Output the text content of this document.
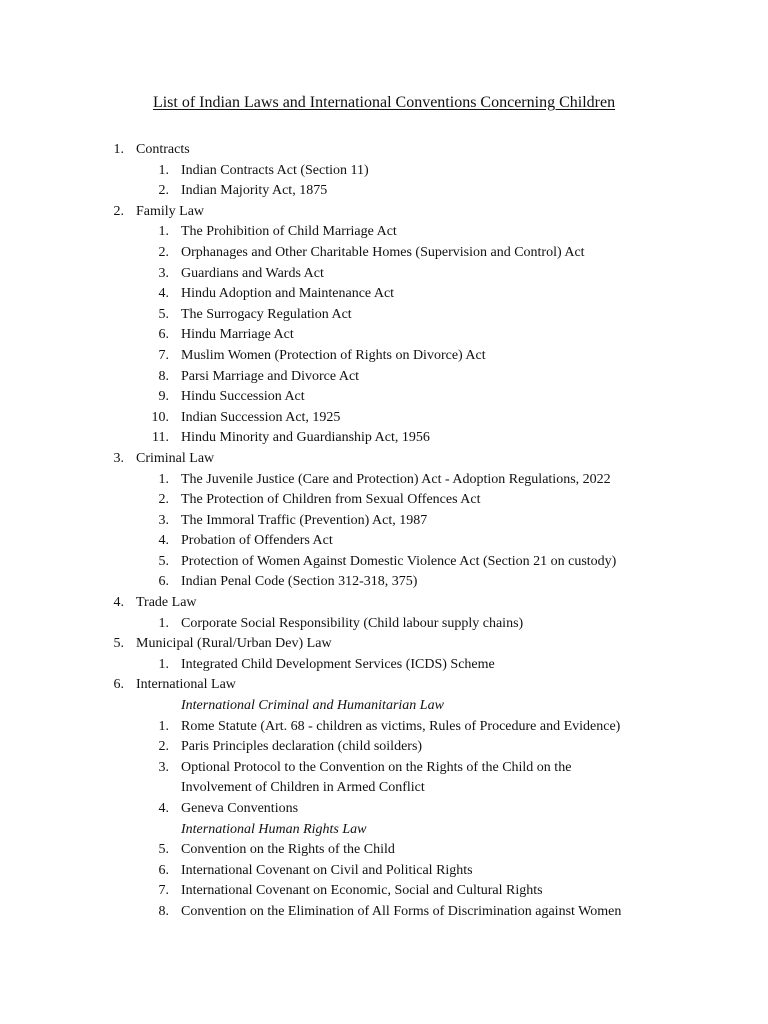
List of Indian Laws and International Conventions Concerning Children
1. Contracts
1. Indian Contracts Act (Section 11)
2. Indian Majority Act, 1875
2. Family Law
1. The Prohibition of Child Marriage Act
2. Orphanages and Other Charitable Homes (Supervision and Control) Act
3. Guardians and Wards Act
4. Hindu Adoption and Maintenance Act
5. The Surrogacy Regulation Act
6. Hindu Marriage Act
7. Muslim Women (Protection of Rights on Divorce) Act
8. Parsi Marriage and Divorce Act
9. Hindu Succession Act
10. Indian Succession Act, 1925
11. Hindu Minority and Guardianship Act, 1956
3. Criminal Law
1. The Juvenile Justice (Care and Protection) Act - Adoption Regulations, 2022
2. The Protection of Children from Sexual Offences Act
3. The Immoral Traffic (Prevention) Act, 1987
4. Probation of Offenders Act
5. Protection of Women Against Domestic Violence Act (Section 21 on custody)
6. Indian Penal Code (Section 312-318, 375)
4. Trade Law
1. Corporate Social Responsibility (Child labour supply chains)
5. Municipal (Rural/Urban Dev) Law
1. Integrated Child Development Services (ICDS) Scheme
6. International Law
International Criminal and Humanitarian Law
1. Rome Statute (Art. 68 - children as victims, Rules of Procedure and Evidence)
2. Paris Principles declaration (child soilders)
3. Optional Protocol to the Convention on the Rights of the Child on the
Involvement of Children in Armed Conflict
4. Geneva Conventions
International Human Rights Law
5. Convention on the Rights of the Child
6. International Covenant on Civil and Political Rights
7. International Covenant on Economic, Social and Cultural Rights
8. Convention on the Elimination of All Forms of Discrimination against Women
